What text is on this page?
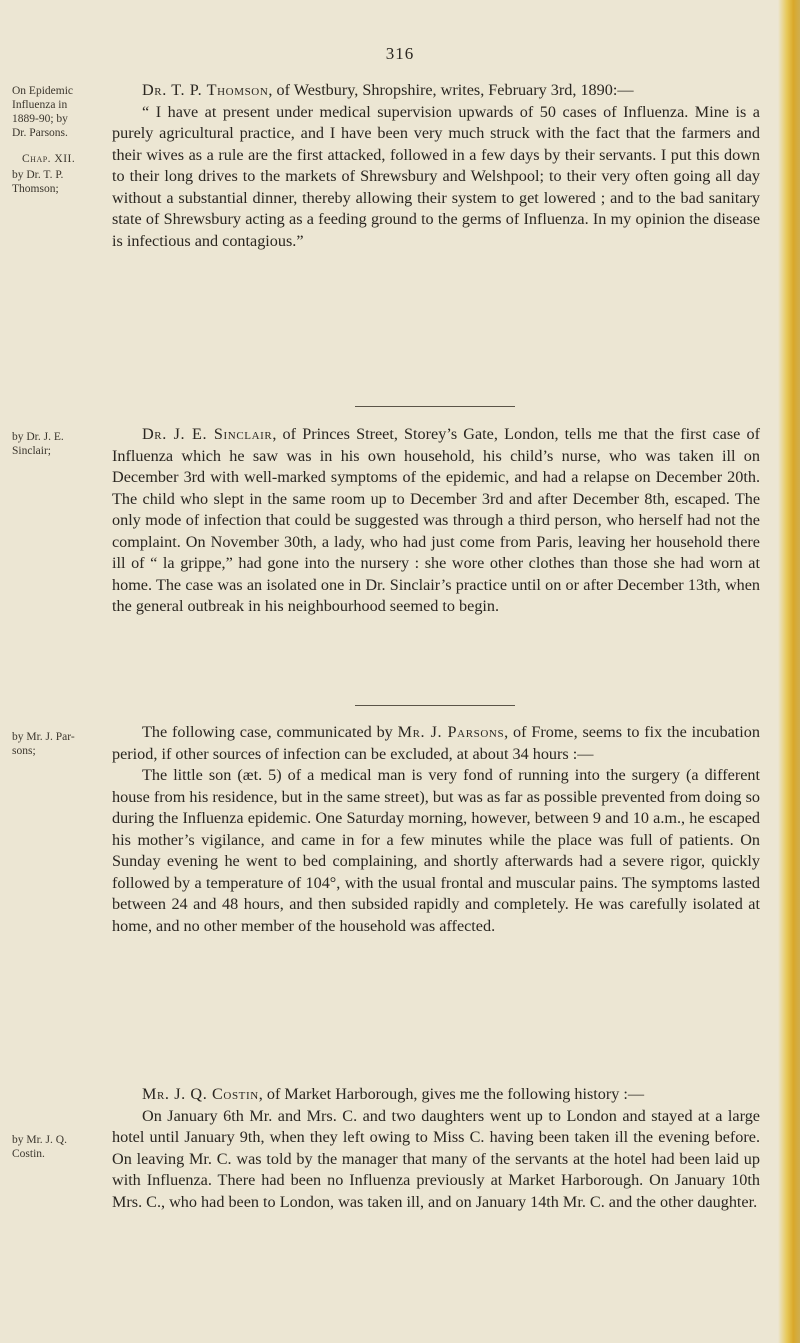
316
On Epidemic
Influenza in
1889-90; by
Dr. Parsons.
Chap. XII.
by Dr. T. P.
Thomson;
by Dr. J. E.
Sinclair;
by Mr. J. Par-
sons;
by Mr. J. Q.
Costin.

Dr. T. P. Thomson, of Westbury, Shropshire, writes, February 3rd, 1890:—

“ I have at present under medical supervision upwards of 50 cases of Influenza. Mine is a purely agricultural practice, and I have been very much struck with the fact that the farmers and their wives as a rule are the first attacked, followed in a few days by their servants. I put this down to their long drives to the markets of Shrewsbury and Welshpool; to their very often going all day without a substantial dinner, thereby allowing their system to get lowered ; and to the bad sanitary state of Shrewsbury acting as a feeding ground to the germs of Influenza. In my opinion the disease is infectious and contagious.”

Dr. J. E. Sinclair, of Princes Street, Storey’s Gate, London, tells me that the first case of Influenza which he saw was in his own household, his child’s nurse, who was taken ill on December 3rd with well-marked symptoms of the epidemic, and had a relapse on December 20th. The child who slept in the same room up to December 3rd and after December 8th, escaped. The only mode of infection that could be suggested was through a third person, who herself had not the complaint. On November 30th, a lady, who had just come from Paris, leaving her household there ill of “ la grippe,” had gone into the nursery : she wore other clothes than those she had worn at home. The case was an isolated one in Dr. Sinclair’s practice until on or after December 13th, when the general outbreak in his neighbourhood seemed to begin.

The following case, communicated by Mr. J. Parsons, of Frome, seems to fix the incubation period, if other sources of infection can be excluded, at about 34 hours :—

The little son (æt. 5) of a medical man is very fond of running into the surgery (a different house from his residence, but in the same street), but was as far as possible prevented from doing so during the Influenza epidemic. One Saturday morning, however, between 9 and 10 a.m., he escaped his mother’s vigilance, and came in for a few minutes while the place was full of patients. On Sunday evening he went to bed complaining, and shortly afterwards had a severe rigor, quickly followed by a temperature of 104°, with the usual frontal and muscular pains. The symptoms lasted between 24 and 48 hours, and then subsided rapidly and completely. He was carefully isolated at home, and no other member of the household was affected.

Mr. J. Q. Costin, of Market Harborough, gives me the following history :—

On January 6th Mr. and Mrs. C. and two daughters went up to London and stayed at a large hotel until January 9th, when they left owing to Miss C. having been taken ill the evening before. On leaving Mr. C. was told by the manager that many of the servants at the hotel had been laid up with Influenza. There had been no Influenza previously at Market Harborough. On January 10th Mrs. C., who had been to London, was taken ill, and on January 14th Mr. C. and the other daughter.
